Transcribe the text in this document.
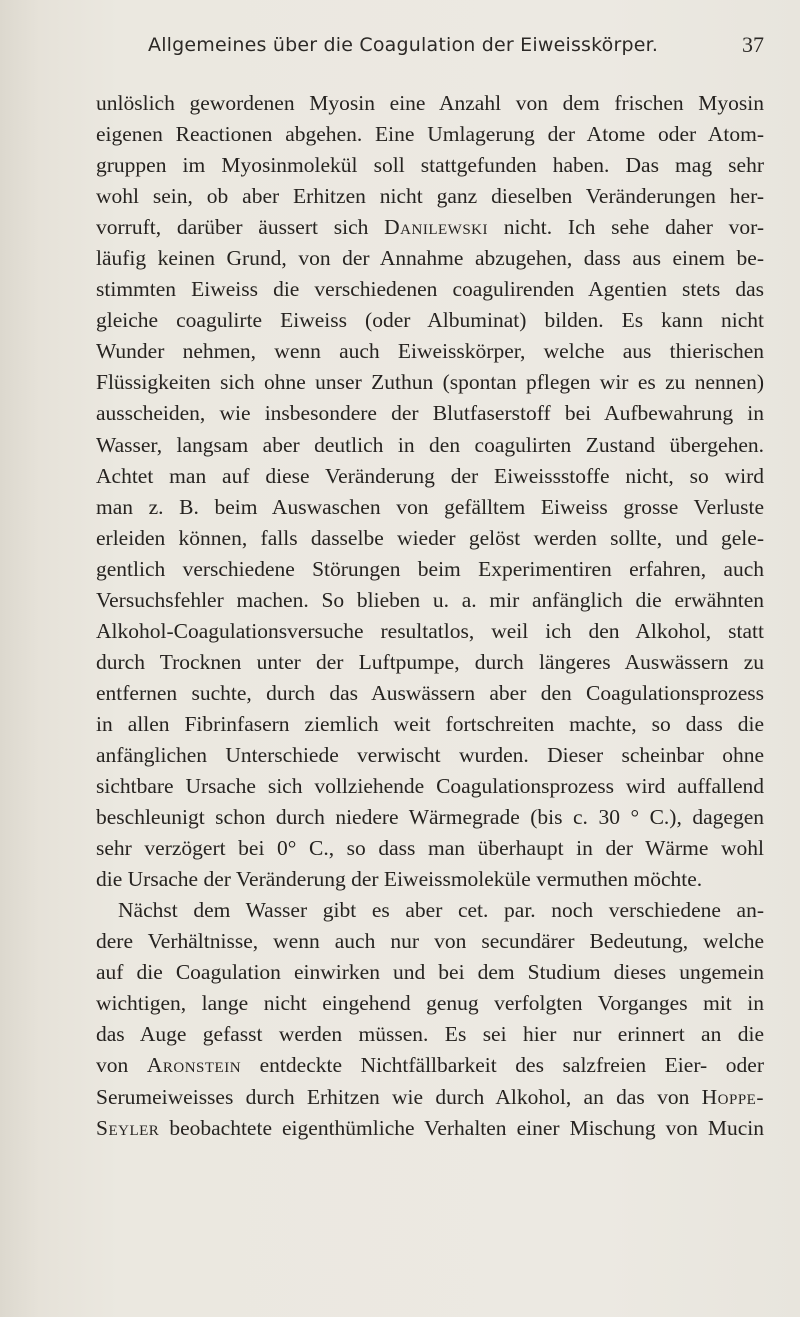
Allgemeines über die Coagulation der Eiweisskörper.	37
unlöslich gewordenen Myosin eine Anzahl von dem frischen Myosin
eigenen Reactionen abgehen. Eine Umlagerung der Atome oder Atom-
gruppen im Myosinmolekül soll stattgefunden haben. Das mag sehr
wohl sein, ob aber Erhitzen nicht ganz dieselben Veränderungen her-
vorruft, darüber äussert sich Danilewski nicht. Ich sehe daher vor-
läufig keinen Grund, von der Annahme abzugehen, dass aus einem be-
stimmten Eiweiss die verschiedenen coagulirenden Agentien stets das
gleiche coagulirte Eiweiss (oder Albuminat) bilden. Es kann nicht
Wunder nehmen, wenn auch Eiweisskörper, welche aus thierischen
Flüssigkeiten sich ohne unser Zuthun (spontan pflegen wir es zu nennen)
ausscheiden, wie insbesondere der Blutfaserstoff bei Aufbewahrung in
Wasser, langsam aber deutlich in den coagulirten Zustand übergehen.
Achtet man auf diese Veränderung der Eiweissstoffe nicht, so wird
man z. B. beim Auswaschen von gefälltem Eiweiss grosse Verluste
erleiden können, falls dasselbe wieder gelöst werden sollte, und gele-
gentlich verschiedene Störungen beim Experimentiren erfahren, auch
Versuchsfehler machen. So blieben u. a. mir anfänglich die erwähnten
Alkohol-Coagulationsversuche resultatlos, weil ich den Alkohol, statt
durch Trocknen unter der Luftpumpe, durch längeres Auswässern zu
entfernen suchte, durch das Auswässern aber den Coagulationsprozess
in allen Fibrinfasern ziemlich weit fortschreiten machte, so dass die
anfänglichen Unterschiede verwischt wurden. Dieser scheinbar ohne
sichtbare Ursache sich vollziehende Coagulationsprozess wird auffallend
beschleunigt schon durch niedere Wärmegrade (bis c. 30 ° C.), dagegen
sehr verzögert bei 0° C., so dass man überhaupt in der Wärme wohl
die Ursache der Veränderung der Eiweissmoleküle vermuthen möchte.
Nächst dem Wasser gibt es aber cet. par. noch verschiedene an-
dere Verhältnisse, wenn auch nur von secundärer Bedeutung, welche
auf die Coagulation einwirken und bei dem Studium dieses ungemein
wichtigen, lange nicht eingehend genug verfolgten Vorganges mit in
das Auge gefasst werden müssen. Es sei hier nur erinnert an die
von Aronstein entdeckte Nichtfällbarkeit des salzfreien Eier- oder
Serumeiweisses durch Erhitzen wie durch Alkohol, an das von Hoppe-
Seyler beobachtete eigenthümliche Verhalten einer Mischung von Mucin
